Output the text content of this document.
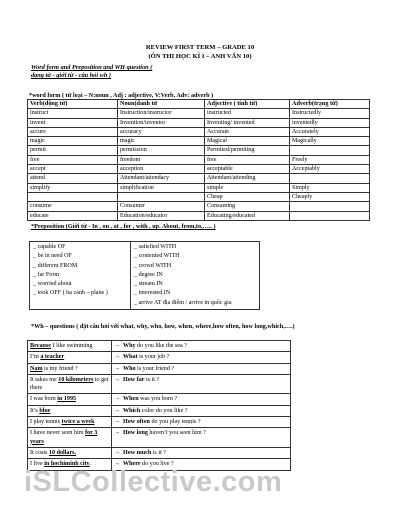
REVIEW FIRST TERM – GRADE 10
(ÔN THI HỌC KÌ I – ANH VĂN 10)
Word form and Preposition and WH question (
dạng từ - giới từ - câu hỏi wh )
*word form ( từ loại – N:noun , Adj : adjective, V:Verb, Adv: adverb )
Verb(động từ)	Noun(danh từ	Adjective ( tính từ)	Adverb(trạng từ)
instruct	Instruction/instructor	instructed	Instructedly
invent	Invention/inventor	Inventing/ invented	inventedly
accure	accuracy	Accurate	Accurately
magic	magic	Magical	Magically
permit	permission	Permited/permiting	
free	freedom	free	Freely
accept	acception	acceptable	Acceptably
attend	Attendant/attendacy	Attendant/attending	
simplify	simplification	simple	Simply
		Cheap	Cheaply
consume	Consumer	Consuming	
educate	Education/educator	Educating/educated	
*Preposition (Giới từ - In , on , at , for , with , up. About, from,to,….. )
_ capable OF
_ be in need OF
_ different FROM
_ far From
_ worried about
_ took OFF ( hạ cánh – plane )

_ satisfied WITH
_ contented WITH
_ crowd WITH
_ degree IN
_ stream IN
_ interested IN
_ arrive AT địa điểm / arrive in quốc gia
*Wh – questions ( đặt câu hỏi với what, why, who, how, when, where,how often, how long,which,….)
Because I like swimming	→ Why do you like the sea ?
I’m a teacher	→ What is your job ?
Nam is my friend ?	→ Who is your friend ?
It takes me 10 kilometers to get there	→ How far is it ?
I was born in 1995	→ When was you born ?
It’s blue	→ Which color do you like ?
I play tennis twice a week	→ How often do you play tennis ?
I have never seen him for 3 years	→ How long haven’t you seen him ?
It costs 10 dollars.	→ How much is it ?
I live in hochiminh city.	→ Where do you live ?
iSLCollective.com
